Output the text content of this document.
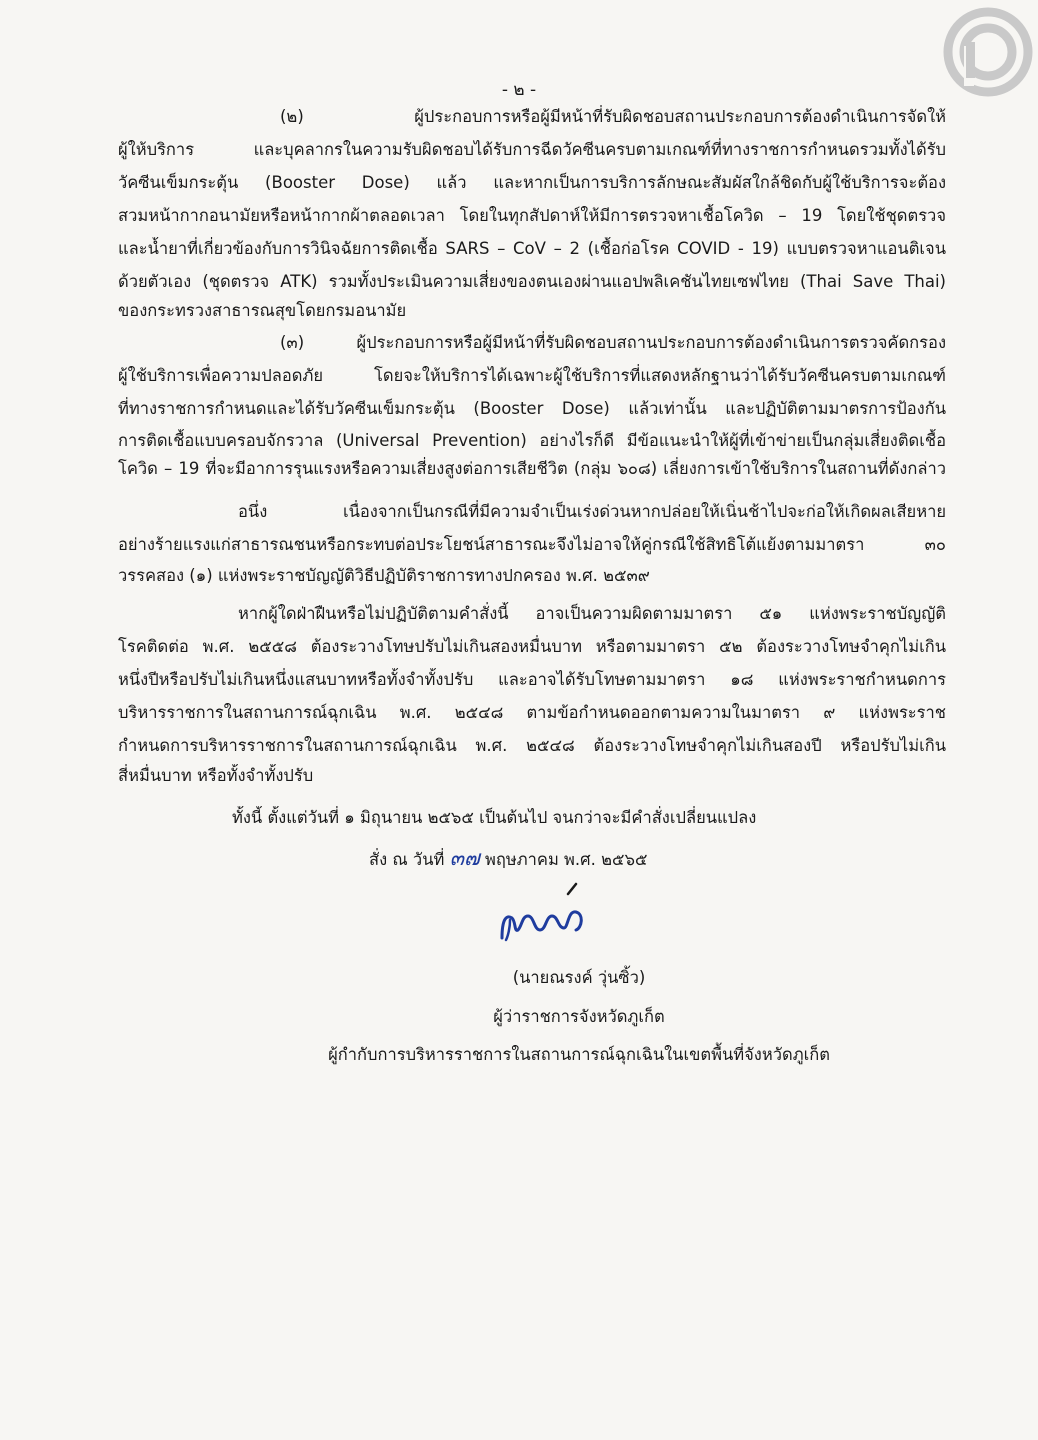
- ๒ -
(๒) ผู้ประกอบการหรือผู้มีหน้าที่รับผิดชอบสถานประกอบการต้องดำเนินการจัดให้
ผู้ให้บริการ และบุคลากรในความรับผิดชอบได้รับการฉีดวัคซีนครบตามเกณฑ์ที่ทางราชการกำหนดรวมทั้งได้รับ
วัคซีนเข็มกระตุ้น (Booster Dose) แล้ว และหากเป็นการบริการลักษณะสัมผัสใกล้ชิดกับผู้ใช้บริการจะต้อง
สวมหน้ากากอนามัยหรือหน้ากากผ้าตลอดเวลา โดยในทุกสัปดาห์ให้มีการตรวจหาเชื้อโควิด – 19 โดยใช้ชุดตรวจ
และน้ำยาที่เกี่ยวข้องกับการวินิจฉัยการติดเชื้อ SARS – CoV – 2 (เชื้อก่อโรค COVID - 19) แบบตรวจหาแอนติเจน
ด้วยตัวเอง (ชุดตรวจ ATK) รวมทั้งประเมินความเสี่ยงของตนเองผ่านแอปพลิเคชันไทยเซฟไทย (Thai Save Thai)
ของกระทรวงสาธารณสุขโดยกรมอนามัย
(๓) ผู้ประกอบการหรือผู้มีหน้าที่รับผิดชอบสถานประกอบการต้องดำเนินการตรวจคัดกรอง
ผู้ใช้บริการเพื่อความปลอดภัย โดยจะให้บริการได้เฉพาะผู้ใช้บริการที่แสดงหลักฐานว่าได้รับวัคซีนครบตามเกณฑ์
ที่ทางราชการกำหนดและได้รับวัคซีนเข็มกระตุ้น (Booster Dose) แล้วเท่านั้น และปฏิบัติตามมาตรการป้องกัน
การติดเชื้อแบบครอบจักรวาล (Universal Prevention) อย่างไรก็ดี มีข้อแนะนำให้ผู้ที่เข้าข่ายเป็นกลุ่มเสี่ยงติดเชื้อ
โควิด – 19 ที่จะมีอาการรุนแรงหรือความเสี่ยงสูงต่อการเสียชีวิต (กลุ่ม ๖๐๘) เลี่ยงการเข้าใช้บริการในสถานที่ดังกล่าว
อนึ่ง เนื่องจากเป็นกรณีที่มีความจำเป็นเร่งด่วนหากปล่อยให้เนิ่นช้าไปจะก่อให้เกิดผลเสียหาย
อย่างร้ายแรงแก่สาธารณชนหรือกระทบต่อประโยชน์สาธารณะจึงไม่อาจให้คู่กรณีใช้สิทธิโต้แย้งตามมาตรา ๓๐
วรรคสอง (๑) แห่งพระราชบัญญัติวิธีปฏิบัติราชการทางปกครอง พ.ศ. ๒๕๓๙
หากผู้ใดฝ่าฝืนหรือไม่ปฏิบัติตามคำสั่งนี้ อาจเป็นความผิดตามมาตรา ๕๑ แห่งพระราชบัญญัติ
โรคติดต่อ พ.ศ. ๒๕๕๘ ต้องระวางโทษปรับไม่เกินสองหมื่นบาท หรือตามมาตรา ๕๒ ต้องระวางโทษจำคุกไม่เกิน
หนึ่งปีหรือปรับไม่เกินหนึ่งแสนบาทหรือทั้งจำทั้งปรับ และอาจได้รับโทษตามมาตรา ๑๘ แห่งพระราชกำหนดการ
บริหารราชการในสถานการณ์ฉุกเฉิน พ.ศ. ๒๕๔๘ ตามข้อกำหนดออกตามความในมาตรา ๙ แห่งพระราช
กำหนดการบริหารราชการในสถานการณ์ฉุกเฉิน พ.ศ. ๒๕๔๘ ต้องระวางโทษจำคุกไม่เกินสองปี หรือปรับไม่เกิน
สี่หมื่นบาท หรือทั้งจำทั้งปรับ
ทั้งนี้ ตั้งแต่วันที่ ๑ มิถุนายน ๒๕๖๕ เป็นต้นไป จนกว่าจะมีคำสั่งเปลี่ยนแปลง
สั่ง ณ วันที่ ๓๗ พฤษภาคม พ.ศ. ๒๕๖๕
(นายณรงค์ วุ่นซิ้ว)
ผู้ว่าราชการจังหวัดภูเก็ต
ผู้กำกับการบริหารราชการในสถานการณ์ฉุกเฉินในเขตพื้นที่จังหวัดภูเก็ต
